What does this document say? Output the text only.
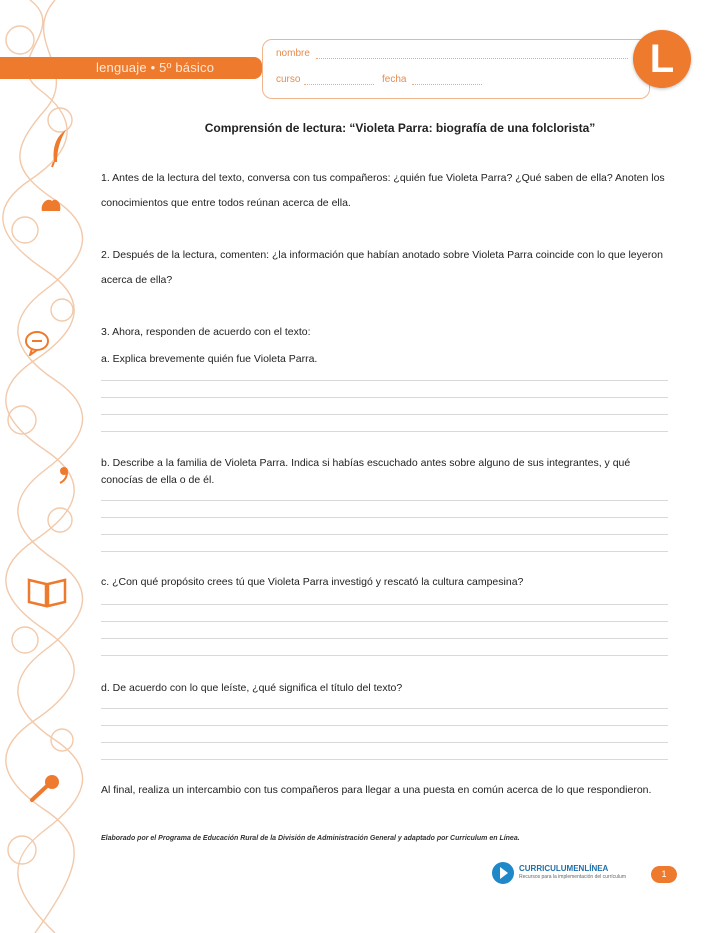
lenguaje • 5º básico
nombre
curso	fecha	L
Comprensión de lectura: “Violeta Parra: biografía de una folclorista”
1. Antes de la lectura del texto, conversa con tus compañeros: ¿quién fue Violeta Parra? ¿Qué saben de ella? Anoten los conocimientos que entre todos reúnan acerca de ella.
2. Después de la lectura, comenten: ¿la información que habían anotado sobre Violeta Parra coincide con lo que leyeron acerca de ella?
3. Ahora, responden de acuerdo con el texto:
a. Explica brevemente quién fue Violeta Parra.
b. Describe a la familia de Violeta Parra. Indica si habías escuchado antes sobre alguno de sus integrantes, y qué conocías de ella o de él.
c. ¿Con qué propósito crees tú que Violeta Parra investigó y rescató la cultura campesina?
d. De acuerdo con lo que leíste, ¿qué significa el título del texto?
Al final, realiza un intercambio con tus compañeros para llegar a una puesta en común acerca de lo que respondieron.
Elaborado por el Programa de Educación Rural de la División de Administración General y adaptado por Curriculum en Línea.
CURRICULUMENLÍNEA
Recursos para la implementación del currículum	1
